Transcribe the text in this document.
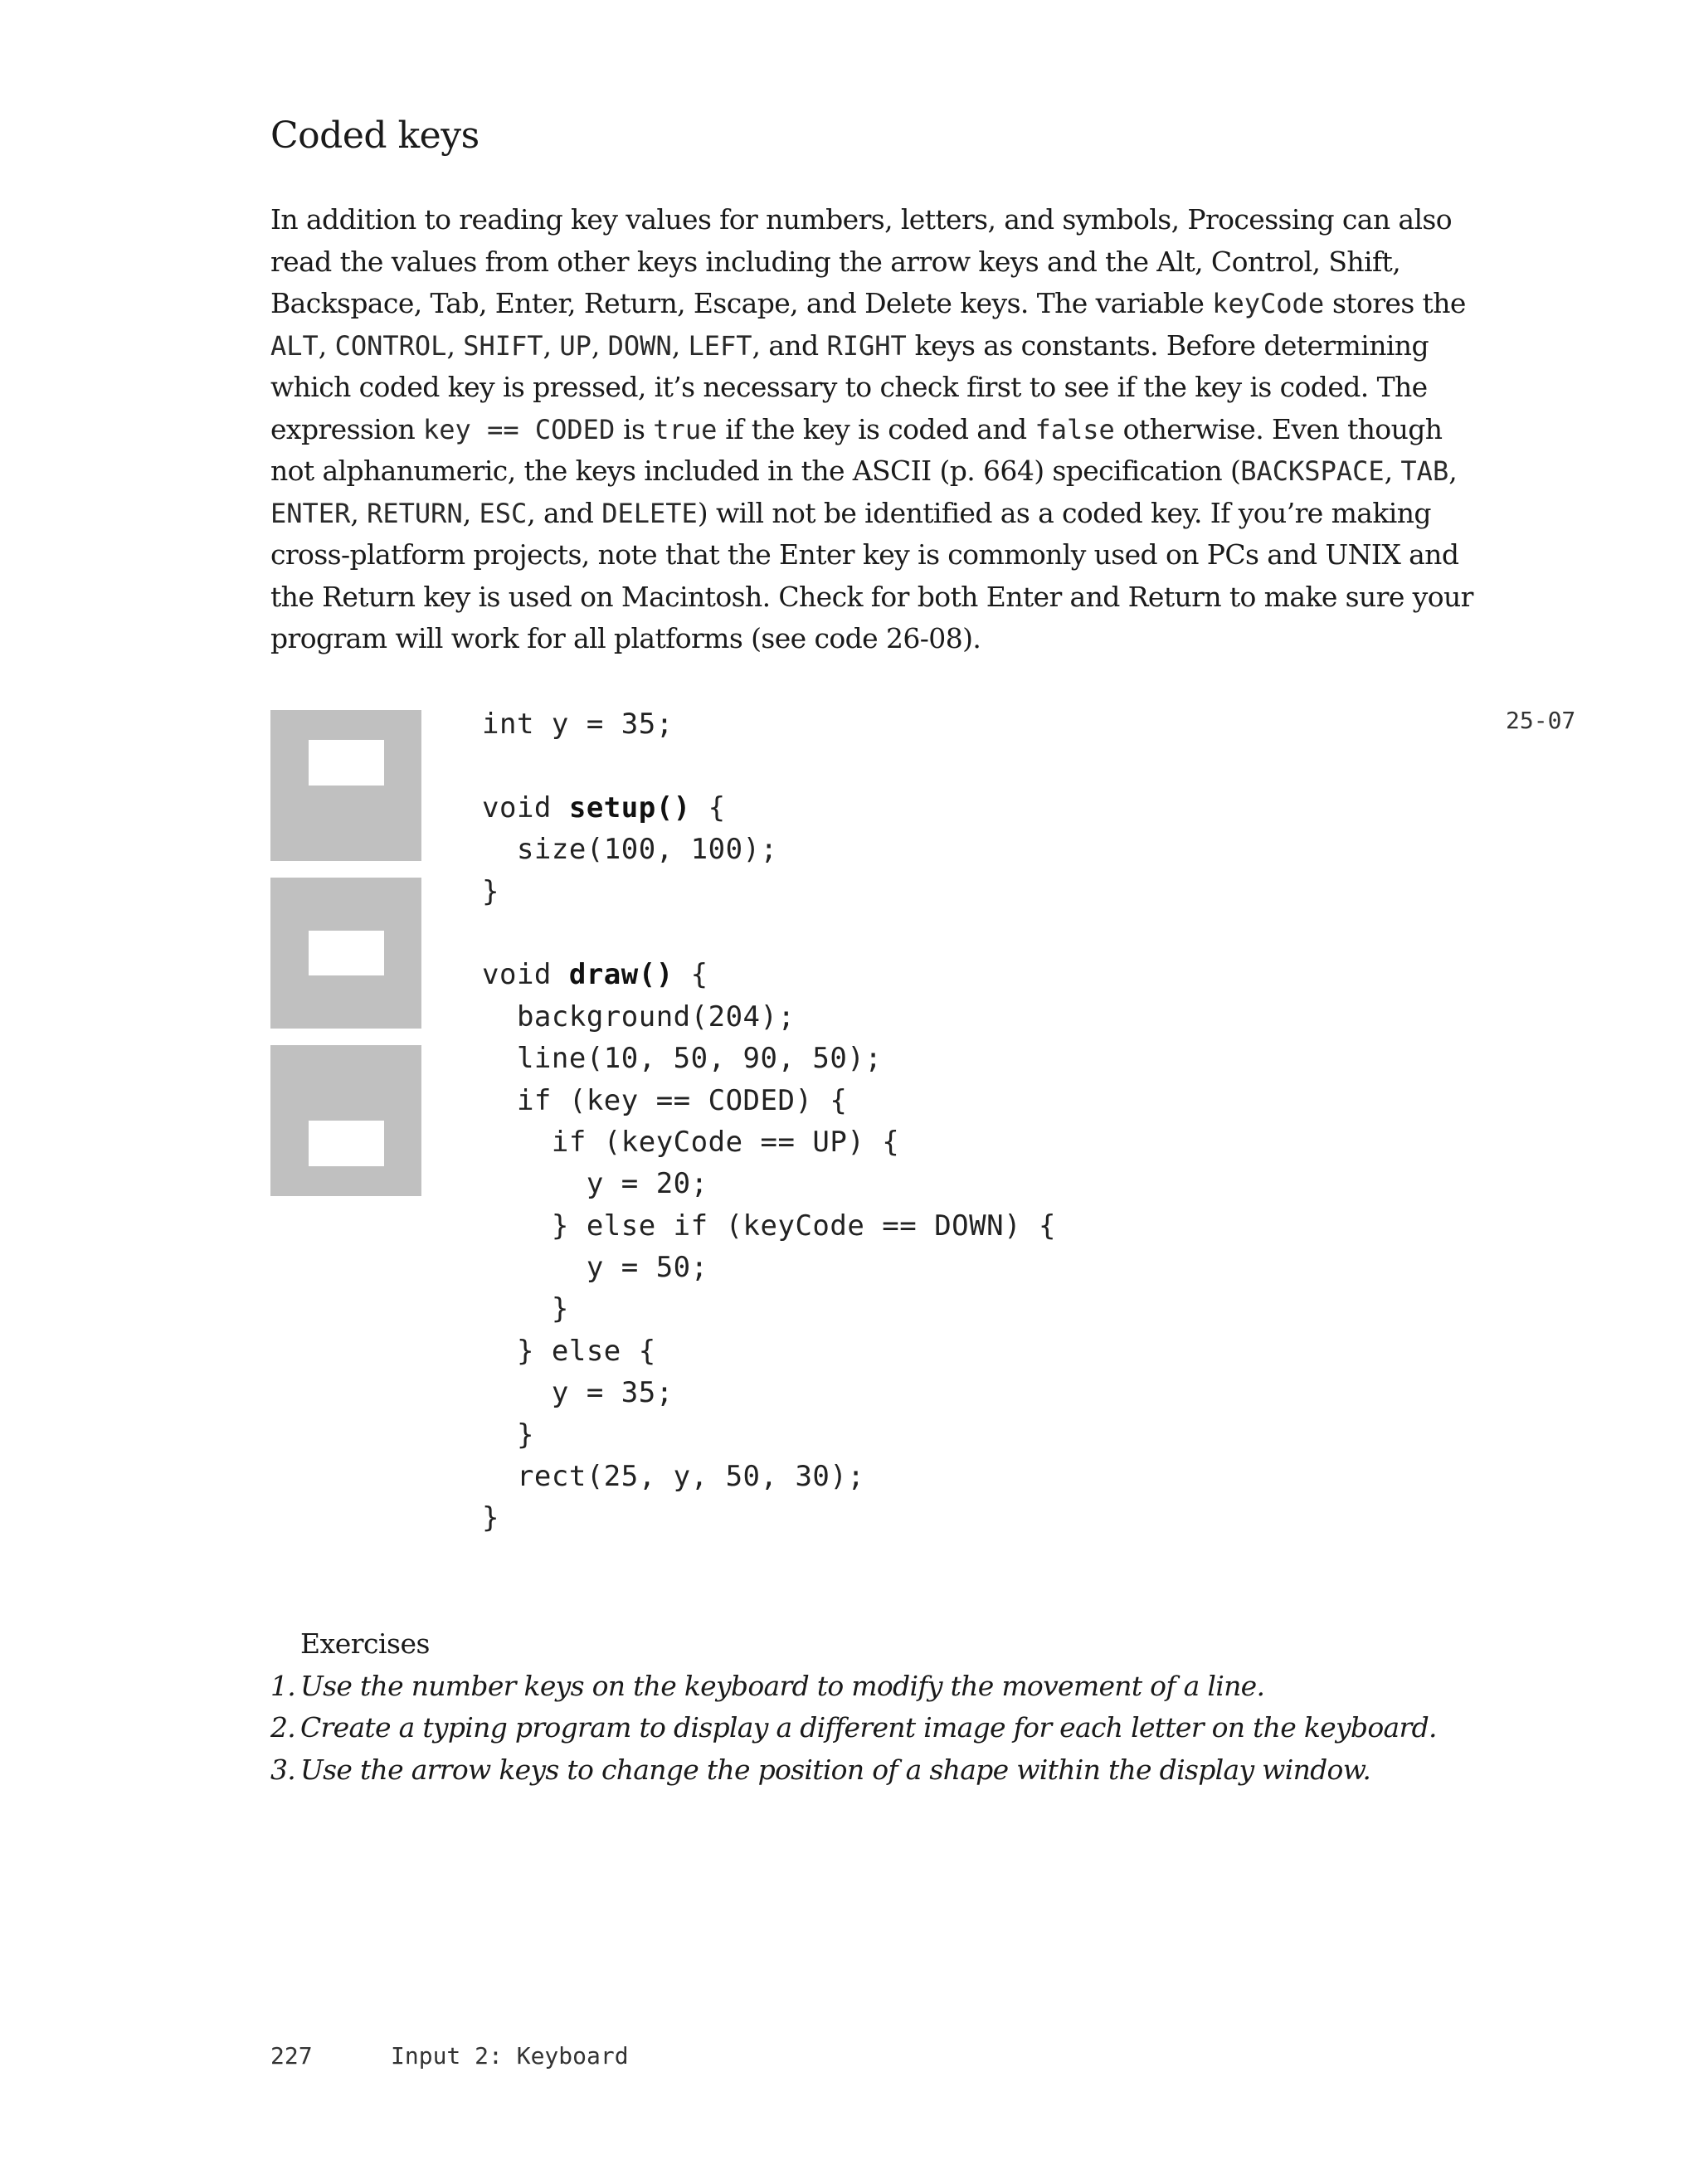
Coded keys
In addition to reading key values for numbers, letters, and symbols, Processing can also
read the values from other keys including the arrow keys and the Alt, Control, Shift,
Backspace, Tab, Enter, Return, Escape, and Delete keys. The variable keyCode stores the
ALT, CONTROL, SHIFT, UP, DOWN, LEFT, and RIGHT keys as constants. Before determining
which coded key is pressed, it’s necessary to check first to see if the key is coded. The
expression key == CODED is true if the key is coded and false otherwise. Even though
not alphanumeric, the keys included in the ASCII (p. 664) specification (BACKSPACE, TAB,
ENTER, RETURN, ESC, and DELETE) will not be identified as a coded key. If you’re making
cross-platform projects, note that the Enter key is commonly used on PCs and UNIX and
the Return key is used on Macintosh. Check for both Enter and Return to make sure your
program will work for all platforms (see code 26-08).
int y = 35;
void setup() {
size(100, 100);
}
void draw() {
background(204);
line(10, 50, 90, 50);
if (key == CODED) {
if (keyCode == UP) {
y = 20;
} else if (keyCode == DOWN) {
y = 50;
}
} else {
y = 35;
}
rect(25, y, 50, 30);
}
25-07

Exercises

1. Use the number keys on the keyboard to modify the movement of a line.
2. Create a typing program to display a different image for each letter on the keyboard.
3. Use the arrow keys to change the position of a shape within the display window.
227	Input 2: Keyboard
